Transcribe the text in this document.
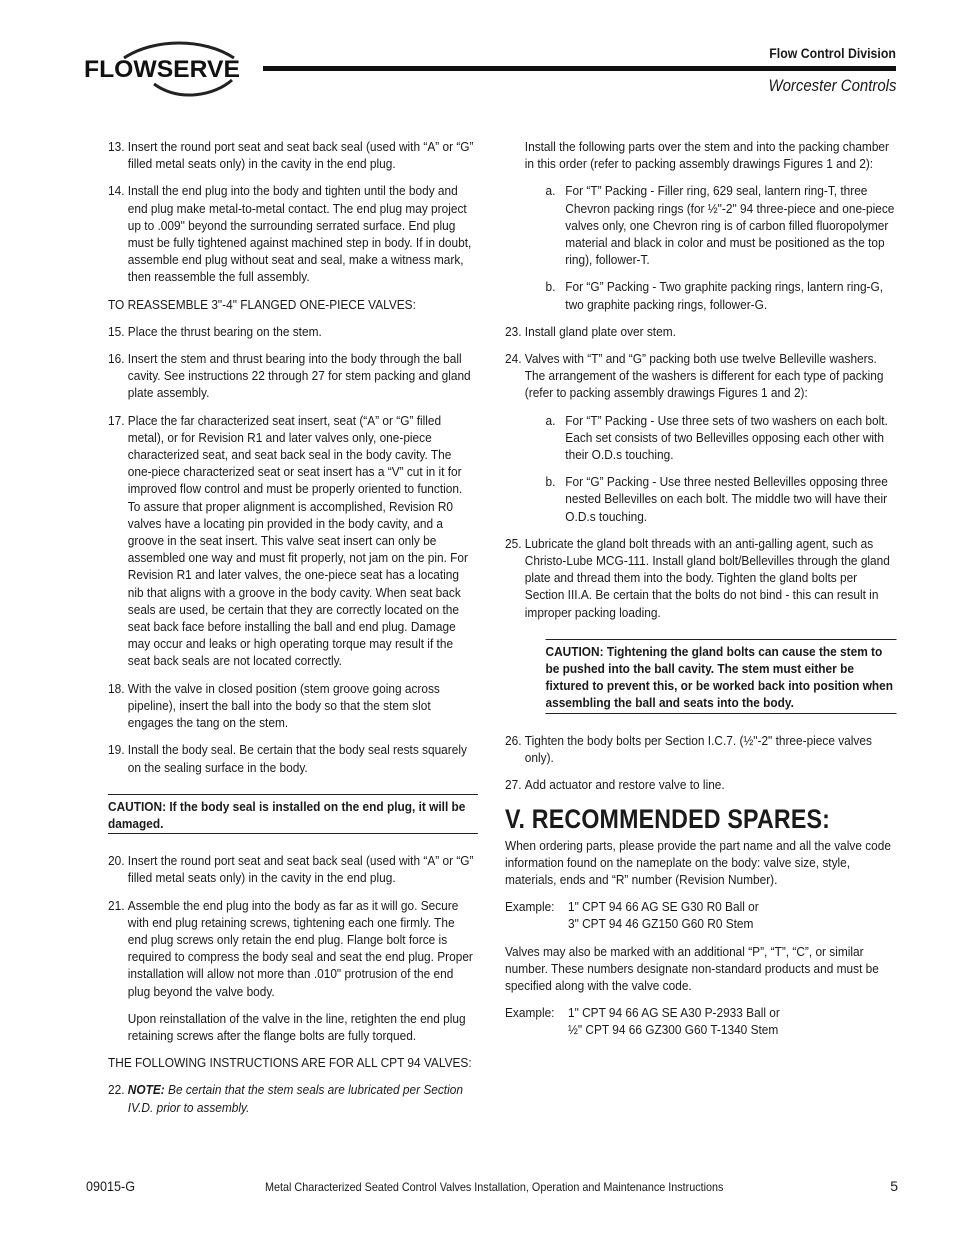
FLOWSERVE
Flow Control Division
Worcester Controls
13. Insert the round port seat and seat back seal (used with “A” or “G” filled metal seats only) in the cavity in the end plug.
14. Install the end plug into the body and tighten until the body and end plug make metal-to-metal contact. The end plug may project up to .009" beyond the surrounding serrated surface. End plug must be fully tightened against machined step in body. If in doubt, assemble end plug without seat and seal, make a witness mark, then reassemble the full assembly.
TO REASSEMBLE 3"-4" FLANGED ONE-PIECE VALVES:
15. Place the thrust bearing on the stem.
16. Insert the stem and thrust bearing into the body through the ball cavity. See instructions 22 through 27 for stem packing and gland plate assembly.
17. Place the far characterized seat insert, seat (“A” or “G” filled metal), or for Revision R1 and later valves only, one-piece characterized seat, and seat back seal in the body cavity. The one-piece characterized seat or seat insert has a “V” cut in it for improved flow control and must be properly oriented to function. To assure that proper alignment is accomplished, Revision R0 valves have a locating pin provided in the body cavity, and a groove in the seat insert. This valve seat insert can only be assembled one way and must fit properly, not jam on the pin. For Revision R1 and later valves, the one-piece seat has a locating nib that aligns with a groove in the body cavity. When seat back seals are used, be certain that they are correctly located on the seat back face before installing the ball and end plug. Damage may occur and leaks or high operating torque may result if the seat back seals are not located correctly.
18. With the valve in closed position (stem groove going across pipeline), insert the ball into the body so that the stem slot engages the tang on the stem.
19. Install the body seal. Be certain that the body seal rests squarely on the sealing surface in the body.
CAUTION: If the body seal is installed on the end plug, it will be damaged.
20. Insert the round port seat and seat back seal (used with “A” or “G” filled metal seats only) in the cavity in the end plug.
21. Assemble the end plug into the body as far as it will go. Secure with end plug retaining screws, tightening each one firmly. The end plug screws only retain the end plug. Flange bolt force is required to compress the body seal and seat the end plug. Proper installation will allow not more than .010" protrusion of the end plug beyond the valve body.
Upon reinstallation of the valve in the line, retighten the end plug retaining screws after the flange bolts are fully torqued.
THE FOLLOWING INSTRUCTIONS ARE FOR ALL CPT 94 VALVES:
22. NOTE: Be certain that the stem seals are lubricated per Section IV.D. prior to assembly.
Install the following parts over the stem and into the packing chamber in this order (refer to packing assembly drawings Figures 1 and 2):
a. For “T” Packing - Filler ring, 629 seal, lantern ring-T, three Chevron packing rings (for ½"-2" 94 three-piece and one-piece valves only, one Chevron ring is of carbon filled fluoropolymer material and black in color and must be positioned as the top ring), follower-T.
b. For “G” Packing - Two graphite packing rings, lantern ring-G, two graphite packing rings, follower-G.
23. Install gland plate over stem.
24. Valves with “T” and “G” packing both use twelve Belleville washers. The arrangement of the washers is different for each type of packing (refer to packing assembly drawings Figures 1 and 2):
a. For “T” Packing - Use three sets of two washers on each bolt. Each set consists of two Bellevilles opposing each other with their O.D.s touching.
b. For “G” Packing - Use three nested Bellevilles opposing three nested Bellevilles on each bolt. The middle two will have their O.D.s touching.
25. Lubricate the gland bolt threads with an anti-galling agent, such as Christo-Lube MCG-111. Install gland bolt/Bellevilles through the gland plate and thread them into the body. Tighten the gland bolts per Section III.A. Be certain that the bolts do not bind - this can result in improper packing loading.
CAUTION: Tightening the gland bolts can cause the stem to be pushed into the ball cavity. The stem must either be fixtured to prevent this, or be worked back into position when assembling the ball and seats into the body.
26. Tighten the body bolts per Section I.C.7. (½"-2" three-piece valves only).
27. Add actuator and restore valve to line.
V. RECOMMENDED SPARES:
When ordering parts, please provide the part name and all the valve code information found on the nameplate on the body: valve size, style, materials, ends and “R” number (Revision Number).
Example:	1" CPT 94 66 AG SE G30 R0 Ball or
3" CPT 94 46 GZ150 G60 R0 Stem
Valves may also be marked with an additional “P”, “T”, “C”, or similar number. These numbers designate non-standard products and must be specified along with the valve code.
Example:	1" CPT 94 66 AG SE A30 P-2933 Ball or
½" CPT 94 66 GZ300 G60 T-1340 Stem
09015-G	Metal Characterized Seated Control Valves Installation, Operation and Maintenance Instructions	5
